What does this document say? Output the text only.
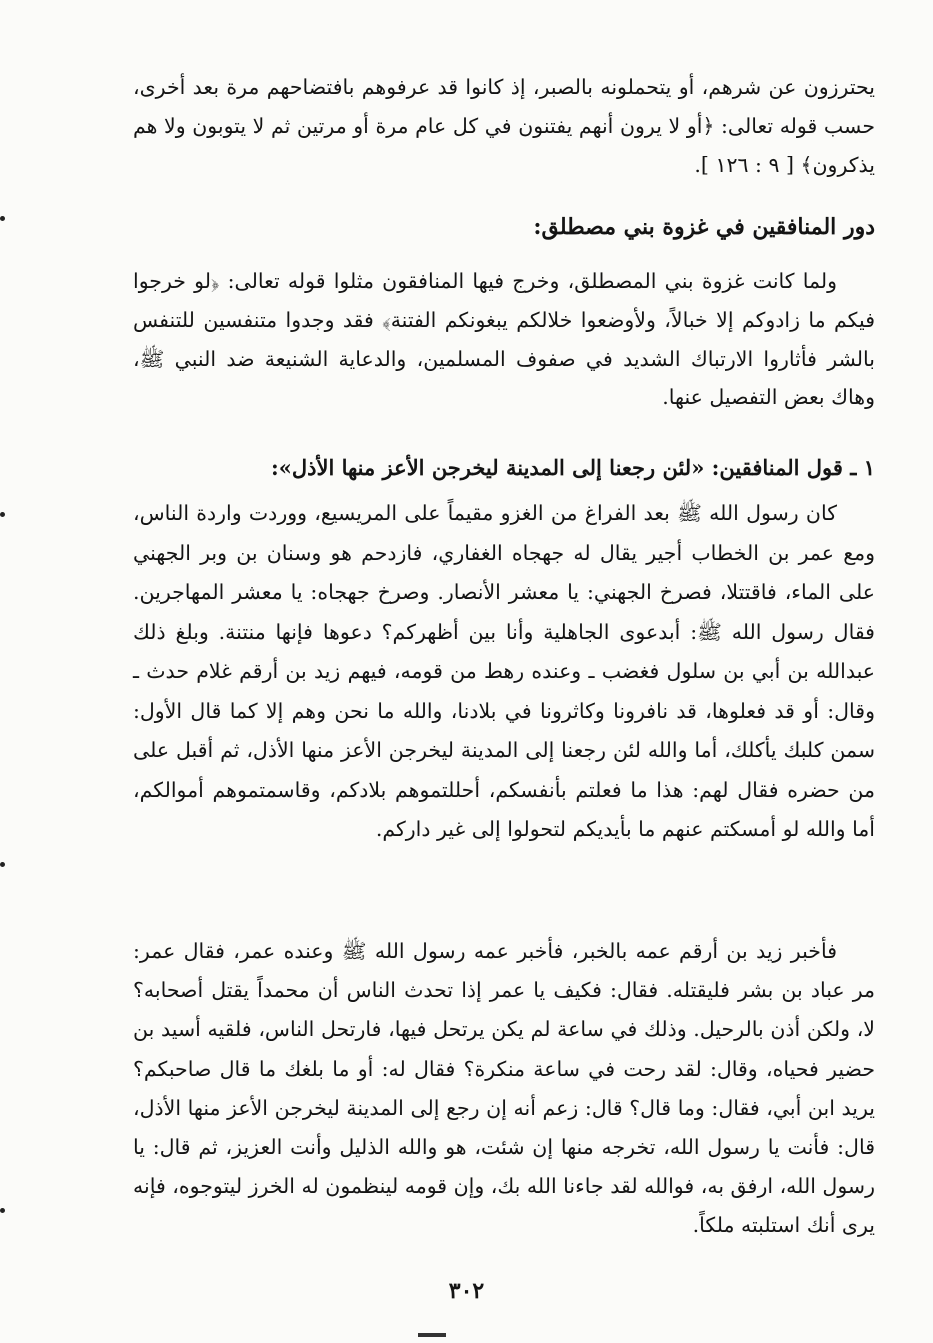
يحترزون عن شرهم، أو يتحملونه بالصبر، إذ كانوا قد عرفوهم بافتضاحهم مرة بعد أخرى، حسب قوله تعالى: ﴿أو لا يرون أنهم يفتنون في كل عام مرة أو مرتين ثم لا يتوبون ولا هم يذكرون﴾ [ ٩ : ١٢٦ ].

دور المنافقين في غزوة بني مصطلق:

ولما كانت غزوة بني المصطلق، وخرج فيها المنافقون مثلوا قوله تعالى: ﴿لو خرجوا فيكم ما زادوكم إلا خبالاً، ولأوضعوا خلالكم يبغونكم الفتنة﴾ فقد وجدوا متنفسين للتنفس بالشر فأثاروا الارتباك الشديد في صفوف المسلمين، والدعاية الشنيعة ضد النبي ﷺ، وهاك بعض التفصيل عنها.

١ ـ قول المنافقين: «لئن رجعنا إلى المدينة ليخرجن الأعز منها الأذل»:

كان رسول الله ﷺ بعد الفراغ من الغزو مقيماً على المريسيع، ووردت واردة الناس، ومع عمر بن الخطاب أجير يقال له جهجاه الغفاري، فازدحم هو وسنان بن وبر الجهني على الماء، فاقتتلا، فصرخ الجهني: يا معشر الأنصار. وصرخ جهجاه: يا معشر المهاجرين. فقال رسول الله ﷺ: أبدعوى الجاهلية وأنا بين أظهركم؟ دعوها فإنها منتنة. وبلغ ذلك عبدالله بن أبي بن سلول فغضب ـ وعنده رهط من قومه، فيهم زيد بن أرقم غلام حدث ـ وقال: أو قد فعلوها، قد نافرونا وكاثرونا في بلادنا، والله ما نحن وهم إلا كما قال الأول: سمن كلبك يأكلك، أما والله لئن رجعنا إلى المدينة ليخرجن الأعز منها الأذل، ثم أقبل على من حضره فقال لهم: هذا ما فعلتم بأنفسكم، أحللتموهم بلادكم، وقاسمتموهم أموالكم، أما والله لو أمسكتم عنهم ما بأيديكم لتحولوا إلى غير داركم.

فأخبر زيد بن أرقم عمه بالخبر، فأخبر عمه رسول الله ﷺ وعنده عمر، فقال عمر: مر عباد بن بشر فليقتله. فقال: فكيف يا عمر إذا تحدث الناس أن محمداً يقتل أصحابه؟ لا، ولكن أذن بالرحيل. وذلك في ساعة لم يكن يرتحل فيها، فارتحل الناس، فلقيه أسيد بن حضير فحياه، وقال: لقد رحت في ساعة منكرة؟ فقال له: أو ما بلغك ما قال صاحبكم؟ يريد ابن أبي، فقال: وما قال؟ قال: زعم أنه إن رجع إلى المدينة ليخرجن الأعز منها الأذل، قال: فأنت يا رسول الله، تخرجه منها إن شئت، هو والله الذليل وأنت العزيز، ثم قال: يا رسول الله، ارفق به، فوالله لقد جاءنا الله بك، وإن قومه لينظمون له الخرز ليتوجوه، فإنه يرى أنك استلبته ملكاً.

٣٠٢
